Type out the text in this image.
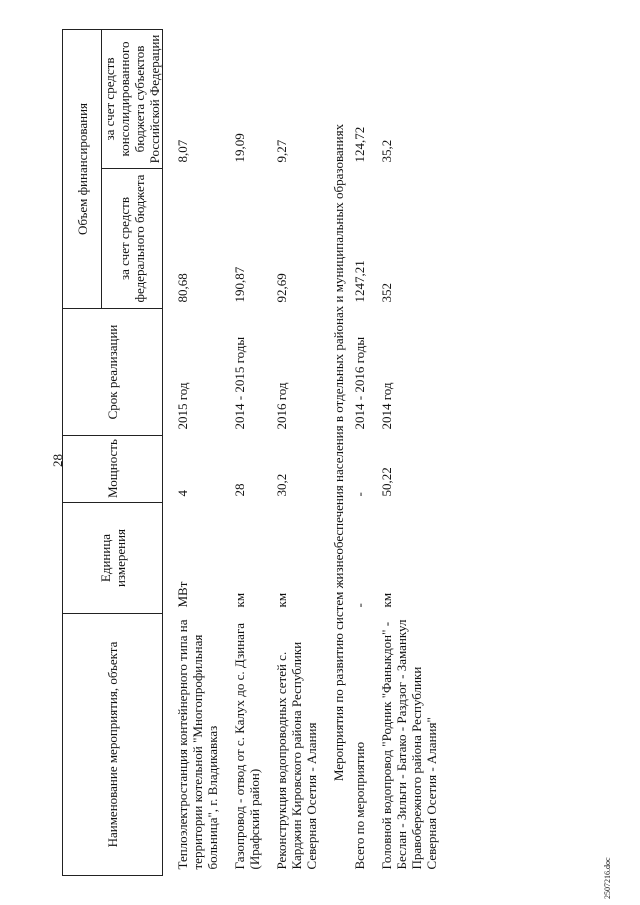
28
Наименование мероприятия, объекта	Единица измерения	Мощность	Срок реализации	Объем финансирования	
				за счет средств федерального бюджета	за счет средств консолидированного бюджета субъектов Российской Федерации
Теплоэлектростанция контейнерного типа на территории котельной "Многопрофильная больница", г. Владикавказ	МВт	4	2015 год	80,68	8,07
Газопровод - отвод от с. Калух до с. Дзинага (Ирафский район)	км	28	2014 - 2015 годы	190,87	19,09
Реконструкция водопроводных сетей с. Карджин Кировского района Республики Северная Осетия - Алания	км	30,2	2016 год	92,69	9,27
Мероприятия по развитию систем жизнеобеспечения населения в отдельных районах и муниципальных образованиях					
Всего по мероприятию	-	-	2014 - 2016 годы	1247,21	124,72
Головной водопровод "Родник "Фаныкдон" - Беслан - Зильги - Батако - Раздзог - Заманкул Правобережного района Республики Северная Осетия - Алания"	км	50,22	2014 год	352	35,2
2507216.doc
